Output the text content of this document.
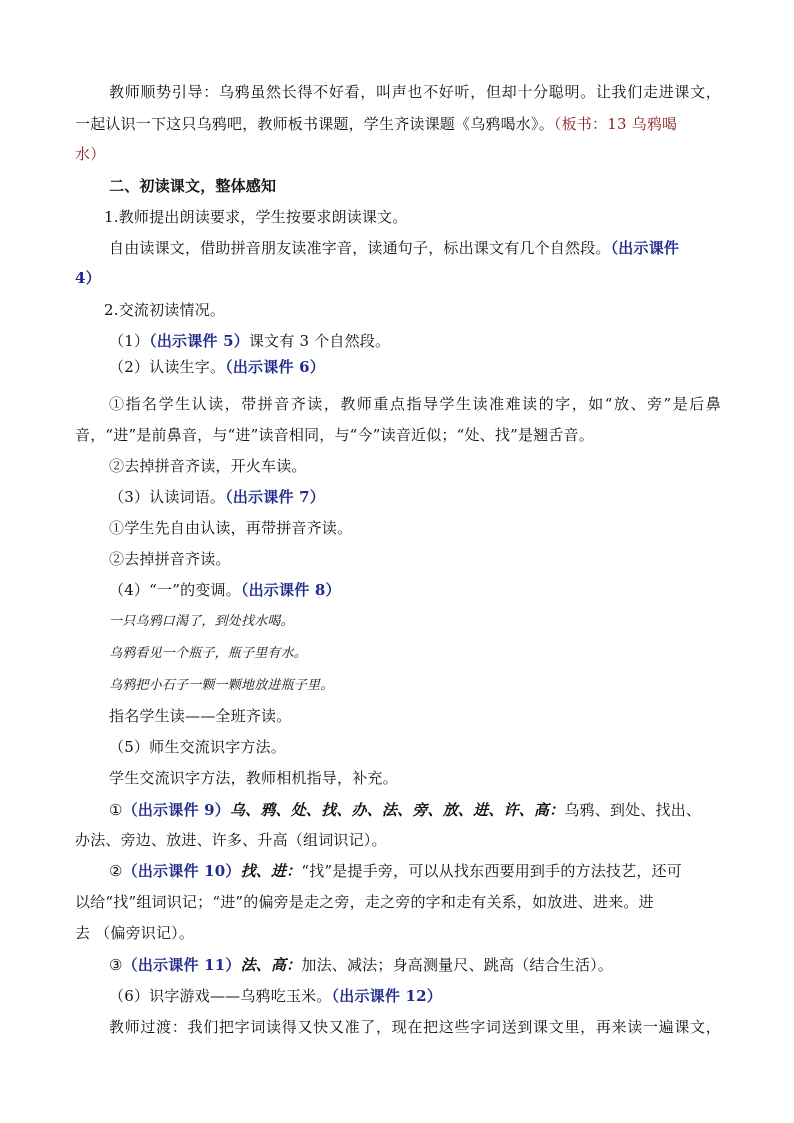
教师顺势引导：乌鸦虽然长得不好看，叫声也不好听，但却十分聪明。让我们走进课文，
一起认识一下这只乌鸦吧，教师板书课题，学生齐读课题《乌鸦喝水》。（板书：13 乌鸦喝
水）
二、初读课文，整体感知
1.教师提出朗读要求，学生按要求朗读课文。
自由读课文，借助拼音朋友读准字音，读通句子，标出课文有几个自然段。（出示课件
4）
2.交流初读情况。
（1）（出示课件 5）课文有 3 个自然段。
（2）认读生字。（出示课件 6）
①指名学生认读，带拼音齐读，教师重点指导学生读准难读的字，如“放、旁”是后鼻
音，“进”是前鼻音，与“进”读音相同，与“今”读音近似；“处、找”是翘舌音。
②去掉拼音齐读，开火车读。
（3）认读词语。（出示课件 7）
①学生先自由认读，再带拼音齐读。
②去掉拼音齐读。
（4）“一”的变调。（出示课件 8）
一只乌鸦口渴了，到处找水喝。
乌鸦看见一个瓶子，瓶子里有水。
乌鸦把小石子一颗一颗地放进瓶子里。
指名学生读——全班齐读。
（5）师生交流识字方法。
学生交流识字方法，教师相机指导，补充。
①（出示课件 9）乌、鸦、处、找、办、法、旁、放、进、许、高：乌鸦、到处、找出、
办法、旁边、放进、许多、升高（组词识记）。
②（出示课件 10）找、进：“找”是提手旁，可以从找东西要用到手的方法技艺，还可
以给“找”组词识记；“进”的偏旁是走之旁，走之旁的字和走有关系，如放进、进来。进
去 （偏旁识记）。
③（出示课件 11）法、高：加法、减法；身高测量尺、跳高（结合生活）。
（6）识字游戏——乌鸦吃玉米。（出示课件 12）
教师过渡：我们把字词读得又快又准了，现在把这些字词送到课文里，再来读一遍课文，
